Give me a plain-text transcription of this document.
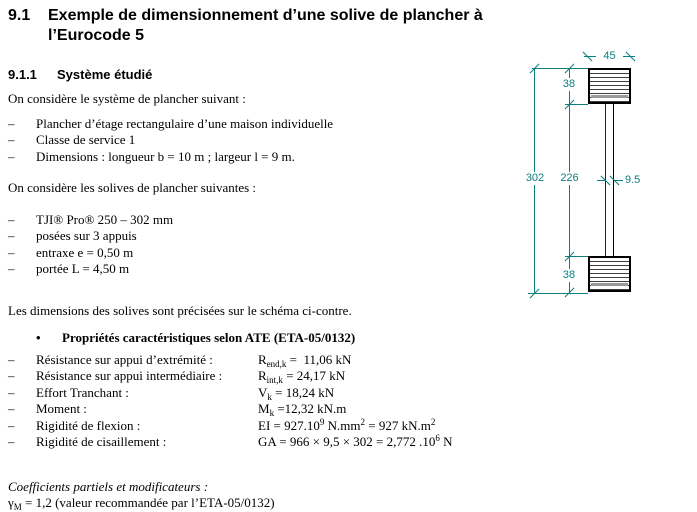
9.1	Exemple de dimensionnement d’une solive de plancher à l’Eurocode 5
9.1.1	Système étudié

On considère le système de plancher suivant :

–	Plancher d’étage rectangulaire d’une maison individuelle
–	Classe de service 1
–	Dimensions : longueur b = 10 m ; largeur l = 9 m.

On considère les solives de plancher suivantes :

–	TJI® Pro® 250 – 302 mm
–	posées sur 3 appuis
–	entraxe e = 0,50 m
–	portée L = 4,50 m

Les dimensions des solives sont précisées sur le schéma ci-contre.

•	Propriétés caractéristiques selon ATE (ETA-05/0132)
–	Résistance sur appui d’extrémité :	$R_{end,k} = 11,06$ kN
–	Résistance sur appui intermédiaire :	$R_{int,k} = 24,17$ kN
–	Effort Tranchant :	$V_k = 18,24$ kN
–	Moment :	$M_k =12,32$ kN.m
–	Rigidité de flexion :	EI = $927.10^9$ $N.mm^2 = 927$ $kN.m^2$
–	Rigidité de cisaillement :	GA = 966 × 9,5 × 302 = 2,772 $.10^6$ N

Coefficients partiels et modificateurs :

$\gamma_M = 1,2$ (valeur recommandée par l’ETA-05/0132)

45
38
302	226	9.5
38
